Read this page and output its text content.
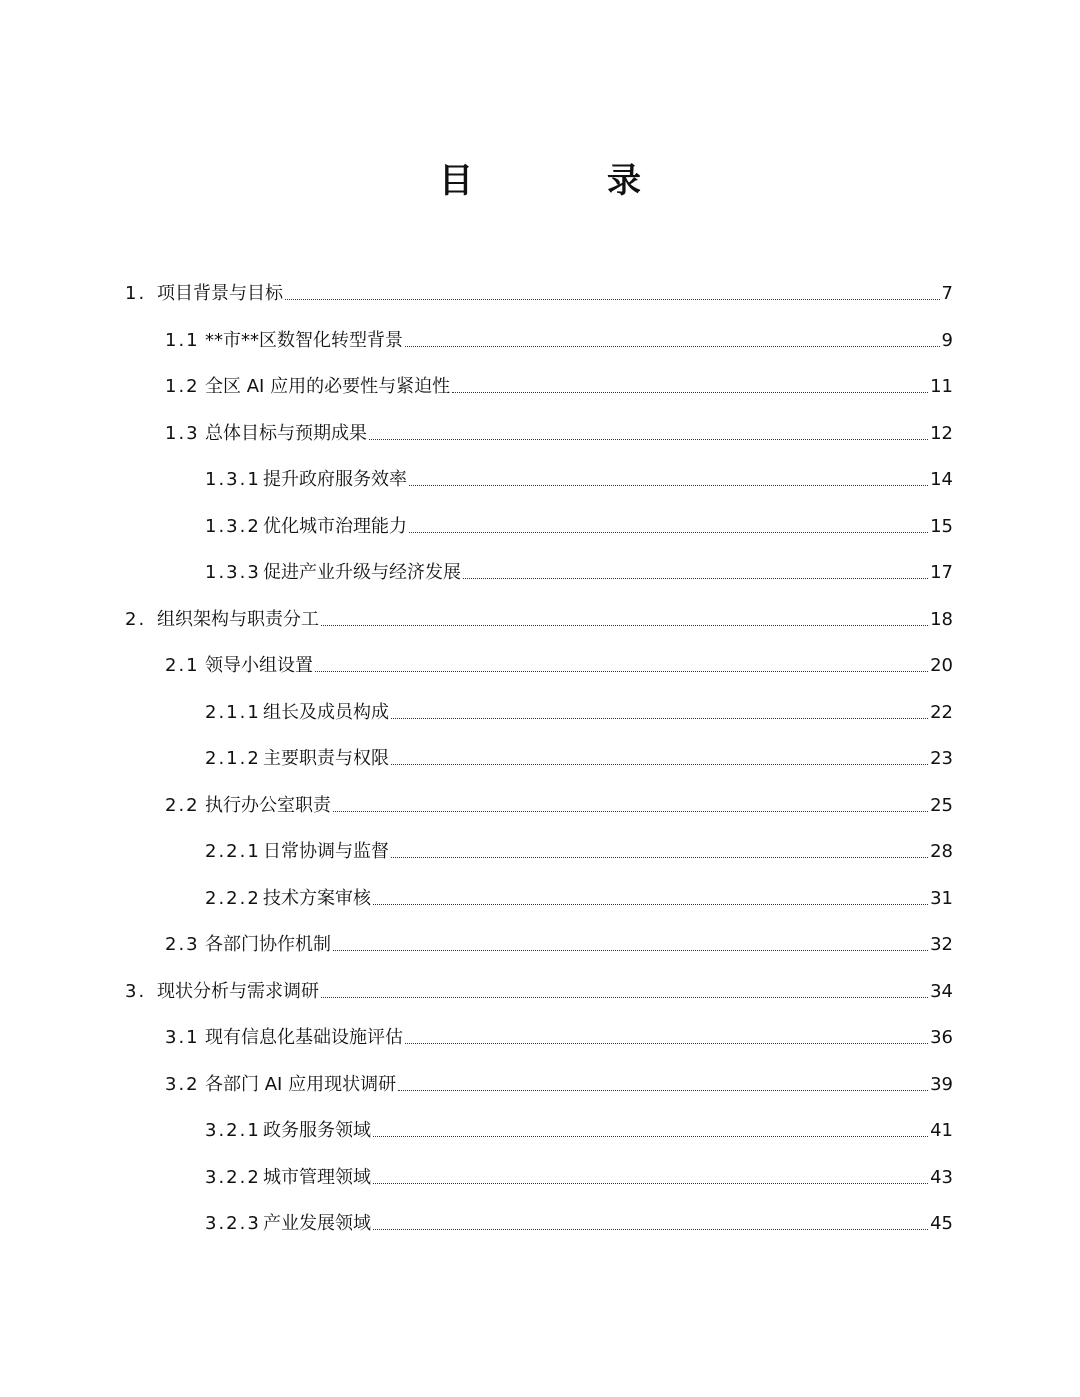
目　录
1. 项目背景与目标	7
1.1 **市**区数智化转型背景	9
1.2 全区 AI 应用的必要性与紧迫性	11
1.3 总体目标与预期成果	12
1.3.1 提升政府服务效率	14
1.3.2 优化城市治理能力	15
1.3.3 促进产业升级与经济发展	17
2. 组织架构与职责分工	18
2.1 领导小组设置	20
2.1.1 组长及成员构成	22
2.1.2 主要职责与权限	23
2.2 执行办公室职责	25
2.2.1 日常协调与监督	28
2.2.2 技术方案审核	31
2.3 各部门协作机制	32
3. 现状分析与需求调研	34
3.1 现有信息化基础设施评估	36
3.2 各部门 AI 应用现状调研	39
3.2.1 政务服务领域	41
3.2.2 城市管理领域	43
3.2.3 产业发展领域	45
